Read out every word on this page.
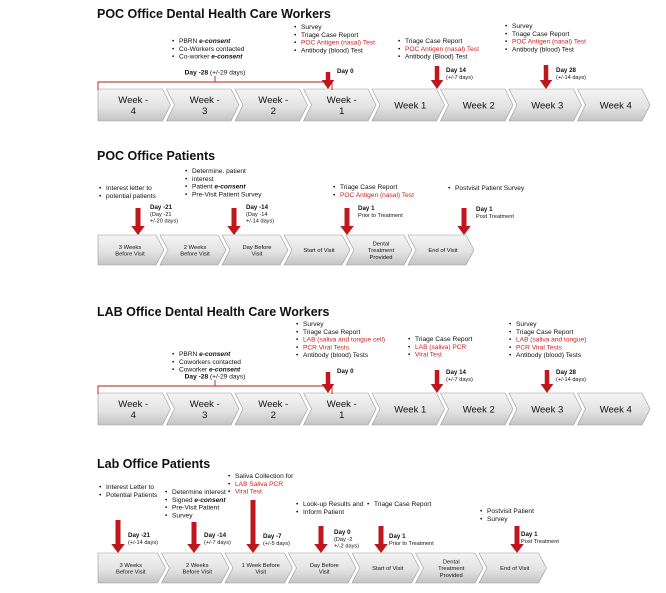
POC Office Dental Health Care Workers
Week -4
Week -3
Week -2
Week -1	Week 1	Week 2	Week 3	Week 4
Day -28 (+/-29 days)
• PBRN e-consent
• Co-Workers contacted
• Co-worker e-consent
• Survey
• Triage Case Report
• POC Antigen (nasal) Test
• Antibody (blood) Test
• Triage Case Report
• POC Antigen (nasal) Test
• Antibody (Blood) Test
• Survey
• Triage Case Report
• POC Antigen (nasal) Test
• Antibody (blood) Test
Day 0	Day 14
(+/-7 days)
Day 28
(+/-14 days)
POC Office Patients
3 Weeks Before Visit
2 Weeks Before Visit
Day Before Visit
Start of Visit
Dental Treatment Provided
End of Visit
• Interest letter to
• potential patients
• Determine. patient
• interest
• Patient e-consent
• Pre-Visit Patient Survey
• Triage Case Report
• POC Antigen (nasal) Test
• Postvisit Patient Survey
Day -21
(Day -21
+/-20 days)
Day -14
(Day -14
+/-14 days)
Day 1
Prior to Treatment
Day 1
Post Treatment
LAB Office Dental Health Care Workers
Week -4
Week -3
Week -2
Week -1	Week 1	Week 2	Week 3	Week 4
Day -28 (+/-29 days)
• PBRN e-consent
• Coworkers contacted
• Coworker e-consent
• Survey
• Triage Case Report
• LAB (saliva and tongue cell)
• PCR Viral Tests
• Antibody (blood) Tests
• Triage Case Report
• LAB (saliva) PCR
• Viral Test
• Survey
• Triage Case Report
• LAB (saliva and tongue)
• PCR Viral Tests
• Antibody (blood) Tests
Day 0	Day 14
(+/-7 days)
Day 28
(+/-14 days)
Lab Office Patients
3 Weeks Before Visit
2 Weeks Before Visit
1 Week Before Visit
Day Before Visit
Start of Visit
Dental Treatment Provided
End of Visit
• Interest Letter to
• Potential Patients • Determine interest
• Signed e-consent
• Pre-Visit Patient
• Survey
• Saliva Collection for
• LAB Saliva PCR
• Viral Test
• Look-up Results and
• Inform Patient
• Triage Case Report
• Postvisit Patient
• Survey
Day -21
(+/-14 days)
Day -14
(+/-7 days)
Day -7
(+/-5 days)
Day 0
(Day -2
+/-2 days)
Day 1
Prior to Treatment
Day 1
Post Treatment
